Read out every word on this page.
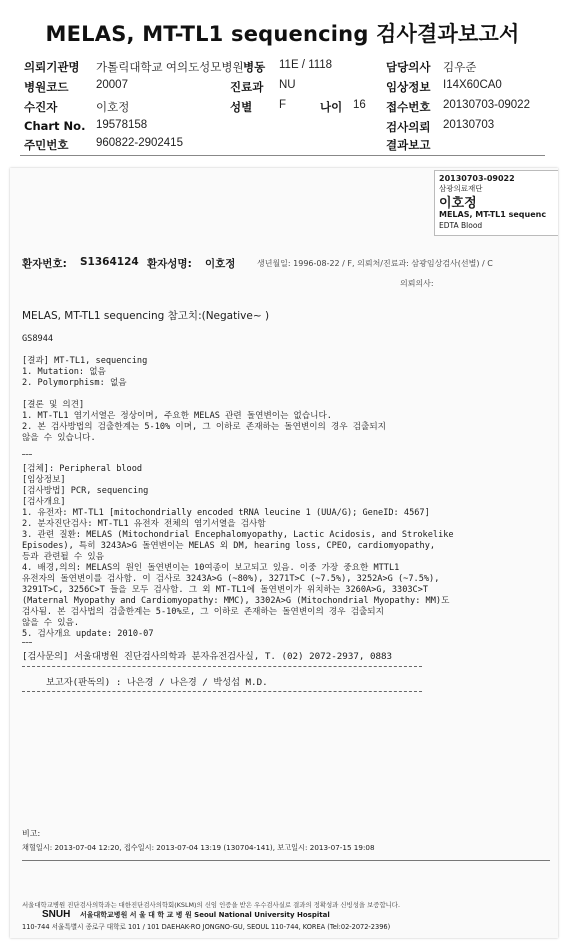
MELAS, MT-TL1 sequencing 검사결과보고서
의뢰기관명 가톨릭대학교 여의도성모병원 병동 11E / 1118	담당의사 김우준
병원코드 20007	진료과 NU	임상정보 I14X60CA0
수진자	이호정	성별 F	나이 16 접수번호 20130703-09022
Chart No. 19578158	검사의뢰 20130703
주민번호 960822-2902415	결과보고
20130703-09022
삼광의료재단
이호정
MELAS, MT-TL1 sequenc
EDTA Blood
환자번호: S1364124 환자성명: 이호정	생년월일: 1996-08-22 / F, 의뢰처/진료과: 삼광임상검사(선별) / C
의뢰의사:
MELAS, MT-TL1 sequencing 참고치:(Negative~ )
GS8944
[결과] MT-TL1, sequencing
1. Mutation: 없음
2. Polymorphism: 없음
[결론 및 의견]
1. MT-TL1 염기서열은 정상이며, 주요한 MELAS 관련 돌연변이는 없습니다.
2. 본 검사방법의 검출한계는 5-10% 이며, 그 이하로 존재하는 돌연변이의 경우 검출되지
않을 수 있습니다.
[검체]: Peripheral blood
[임상정보]
[검사방법] PCR, sequencing
[검사개요]
1. 유전자: MT-TL1 [mitochondrially encoded tRNA leucine 1 (UUA/G); GeneID: 4567]
2. 분자진단검사: MT-TL1 유전자 전체의 염기서열을 검사함
3. 관련 질환: MELAS (Mitochondrial Encephalomyopathy, Lactic Acidosis, and Strokelike
Episodes), 특히 3243A>G 돌연변이는 MELAS 외 DM, hearing loss, CPEO, cardiomyopathy,
등과 관련될 수 있음
4. 배경,의의: MELAS의 원인 돌연변이는 10여종이 보고되고 있음. 이중 가장 중요한 MTTL1
유전자의 돌연변이를 검사함. 이 검사로 3243A>G (~80%), 3271T>C (~7.5%), 3252A>G (~7.5%),
3291T>C, 3256C>T 들을 모두 검사함. 그 외 MT-TL1에 돌연변이가 위치하는 3260A>G, 3303C>T
(Maternal Myopathy and Cardiomyopathy: MMC), 3302A>G (Mitochondrial Myopathy: MM)도
검사됨. 본 검사법의 검출한계는 5-10%로, 그 이하로 존재하는 돌연변이의 경우 검출되지
않을 수 있음.
5. 검사개요 update: 2010-07
[검사문의] 서울대병원 진단검사의학과 분자유전검사실, T. (02) 2072-2937, 0883
보고자(판독의) : 나은경 / 나은경 / 박성섭 M.D.
비고:
채혈일시: 2013-07-04 12:20, 접수일시: 2013-07-04 13:19 (130704-141), 보고일시: 2013-07-15 19:08
서울대학교병원 진단검사의학과는 대한진단검사의학회(KSLM)의 신임 인증을 받은 우수검사실로 결과의 정확성과 신빙성을 보증합니다.
SNUH 서울대학교병원 서 울 대 학 교 병 원 Seoul National University Hospital
110-744 서울특별시 종로구 대학로 101 / 101 DAEHAK-RO JONGNO-GU, SEOUL 110-744, KOREA (Tel:02-2072-2396)
